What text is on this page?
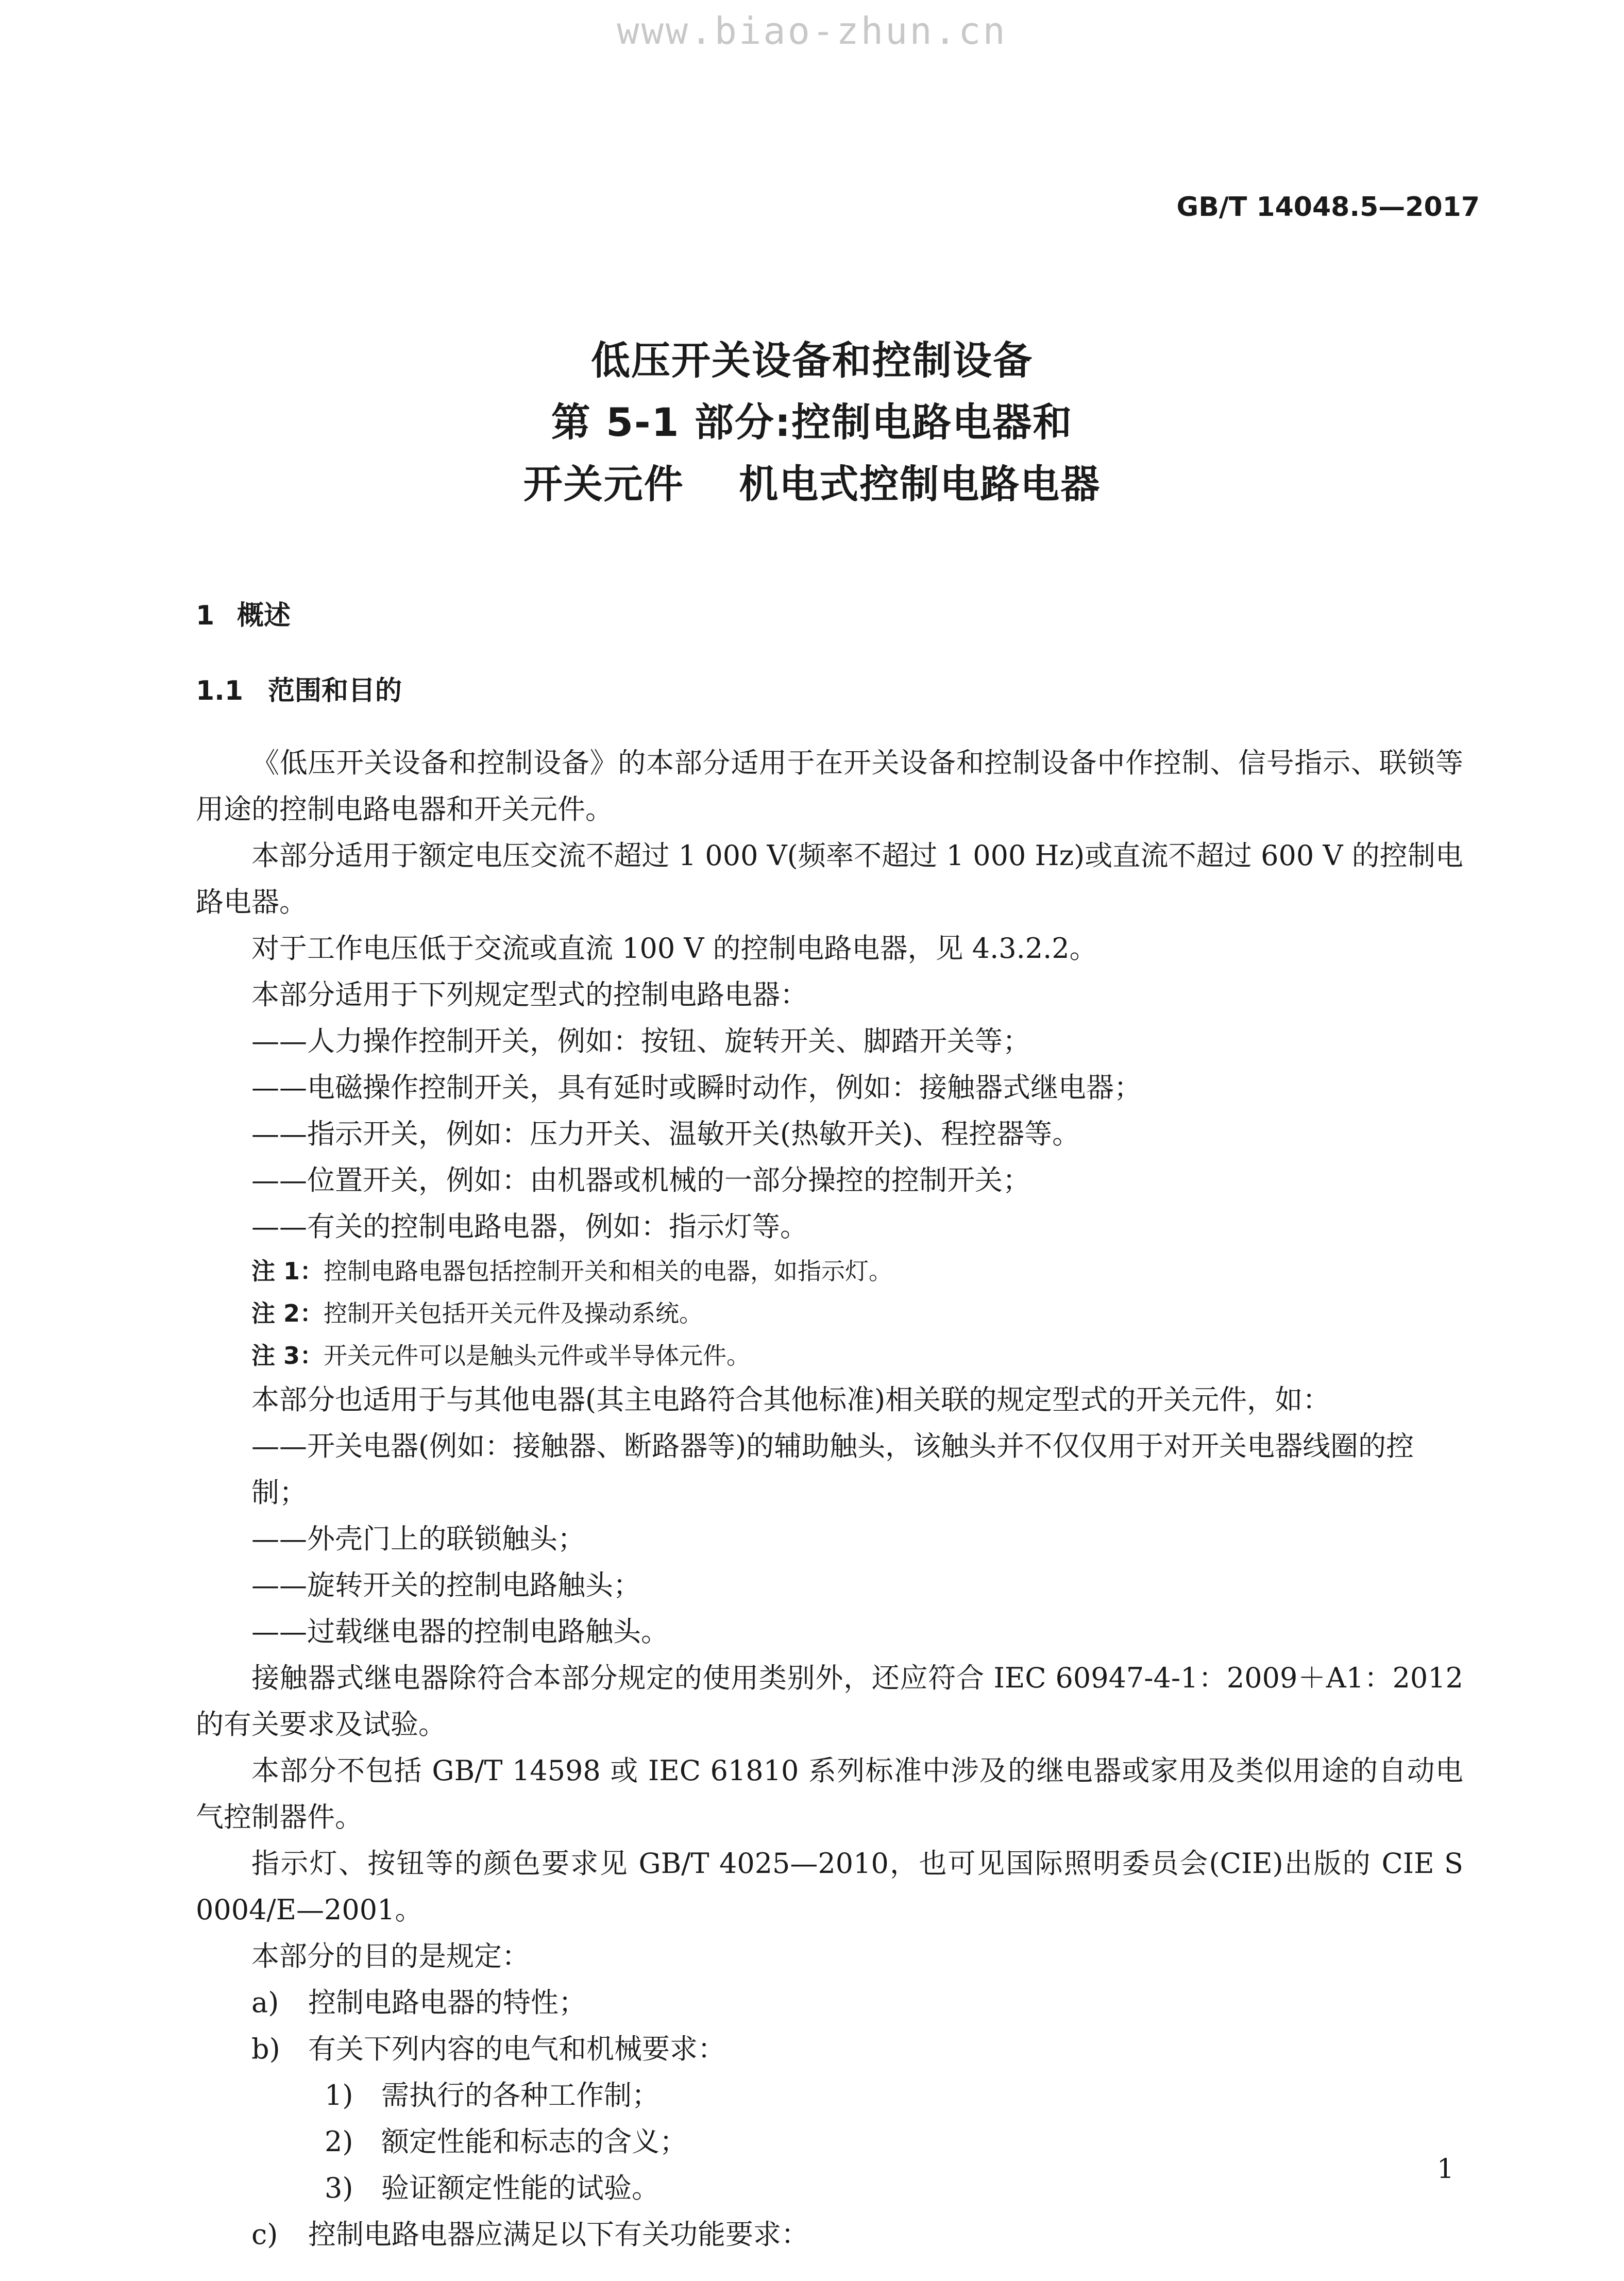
www.biao-zhun.cn
GB/T 14048.5—2017
低压开关设备和控制设备
第 5-1 部分:控制电路电器和
开关元件　 机电式控制电路电器
1 概述
1.1 范围和目的

《低压开关设备和控制设备》的本部分适用于在开关设备和控制设备中作控制、信号指示、联锁等用途的控制电路电器和开关元件。

本部分适用于额定电压交流不超过 1 000 V(频率不超过 1 000 Hz)或直流不超过 600 V 的控制电路电器。

对于工作电压低于交流或直流 100 V 的控制电路电器，见 4.3.2.2。

本部分适用于下列规定型式的控制电路电器：

——人力操作控制开关，例如：按钮、旋转开关、脚踏开关等；

——电磁操作控制开关，具有延时或瞬时动作，例如：接触器式继电器；

——指示开关，例如：压力开关、温敏开关(热敏开关)、程控器等。

——位置开关，例如：由机器或机械的一部分操控的控制开关；

——有关的控制电路电器，例如：指示灯等。

注 1：控制电路电器包括控制开关和相关的电器，如指示灯。

注 2：控制开关包括开关元件及操动系统。

注 3：开关元件可以是触头元件或半导体元件。

本部分也适用于与其他电器(其主电路符合其他标准)相关联的规定型式的开关元件，如：

——开关电器(例如：接触器、断路器等)的辅助触头，该触头并不仅仅用于对开关电器线圈的控制；

——外壳门上的联锁触头；

——旋转开关的控制电路触头；

——过载继电器的控制电路触头。

接触器式继电器除符合本部分规定的使用类别外，还应符合 IEC 60947-4-1：2009＋A1：2012 的有关要求及试验。

本部分不包括 GB/T 14598 或 IEC 61810 系列标准中涉及的继电器或家用及类似用途的自动电气控制器件。

指示灯、按钮等的颜色要求见 GB/T 4025—2010，也可见国际照明委员会(CIE)出版的 CIE S 0004/E—2001。

本部分的目的是规定：

a) 控制电路电器的特性；

b) 有关下列内容的电气和机械要求：

1) 需执行的各种工作制；

2) 额定性能和标志的含义；

3) 验证额定性能的试验。

c) 控制电路电器应满足以下有关功能要求：

1
